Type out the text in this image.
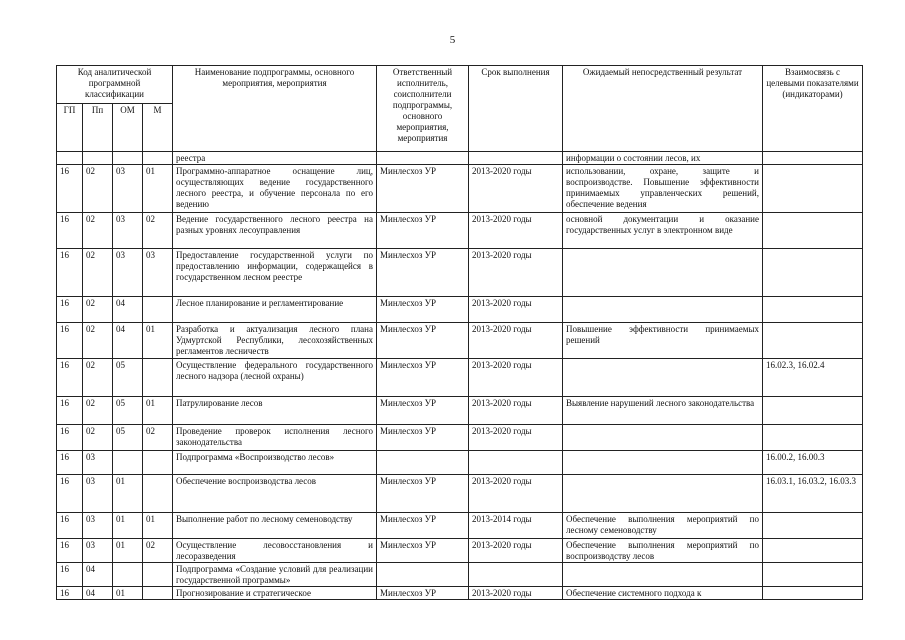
5
Код аналитической программной классификации				Наименование подпрограммы, основного мероприятия, мероприятия	Ответственный исполнитель, соисполнители подпрограммы, основного мероприятия, мероприятия	Срок выполнения	Ожидаемый непосредственный результат	Взаимосвязь с целевыми показателями (индикаторами)
ГП	Пп	ОМ	М					
				реестра			информации о состоянии лесов, их	
16	02	03	01	Программно-аппаратное оснащение лиц, осуществляющих ведение государственного лесного реестра, и обучение персонала по его ведению	Минлесхоз УР	2013-2020 годы	использовании, охране, защите и воспроизводстве. Повышение эффективности принимаемых управленческих решений, обеспечение ведения	
16	02	03	02	Ведение государственного лесного реестра на разных уровнях лесоуправления	Минлесхоз УР	2013-2020 годы	основной документации и оказание государственных услуг в электронном виде	
16	02	03	03	Предоставление государственной услуги по предоставлению информации, содержащейся в государственном лесном реестре	Минлесхоз УР	2013-2020 годы		
16	02	04		Лесное планирование и регламентирование	Минлесхоз УР	2013-2020 годы		
16	02	04	01	Разработка и актуализация лесного плана Удмуртской Республики, лесохозяйственных регламентов лесничеств	Минлесхоз УР	2013-2020 годы	Повышение эффективности принимаемых решений	
16	02	05		Осуществление федерального государственного лесного надзора (лесной охраны)	Минлесхоз УР	2013-2020 годы		16.02.3, 16.02.4
16	02	05	01	Патрулирование лесов	Минлесхоз УР	2013-2020 годы	Выявление нарушений лесного законодательства	
16	02	05	02	Проведение проверок исполнения лесного законодательства	Минлесхоз УР	2013-2020 годы		
16	03			Подпрограмма «Воспроизводство лесов»				16.00.2, 16.00.3
16	03	01		Обеспечение воспроизводства лесов	Минлесхоз УР	2013-2020 годы		16.03.1, 16.03.2, 16.03.3
16	03	01	01	Выполнение работ по лесному семеноводству	Минлесхоз УР	2013-2014 годы	Обеспечение выполнения мероприятий по лесному семеноводству	
16	03	01	02	Осуществление лесовосстановления и лесоразведения	Минлесхоз УР	2013-2020 годы	Обеспечение выполнения мероприятий по воспроизводству лесов	
16	04			Подпрограмма «Создание условий для реализации государственной программы»				
16	04	01		Прогнозирование и стратегическое	Минлесхоз УР	2013-2020 годы	Обеспечение системного подхода к	
